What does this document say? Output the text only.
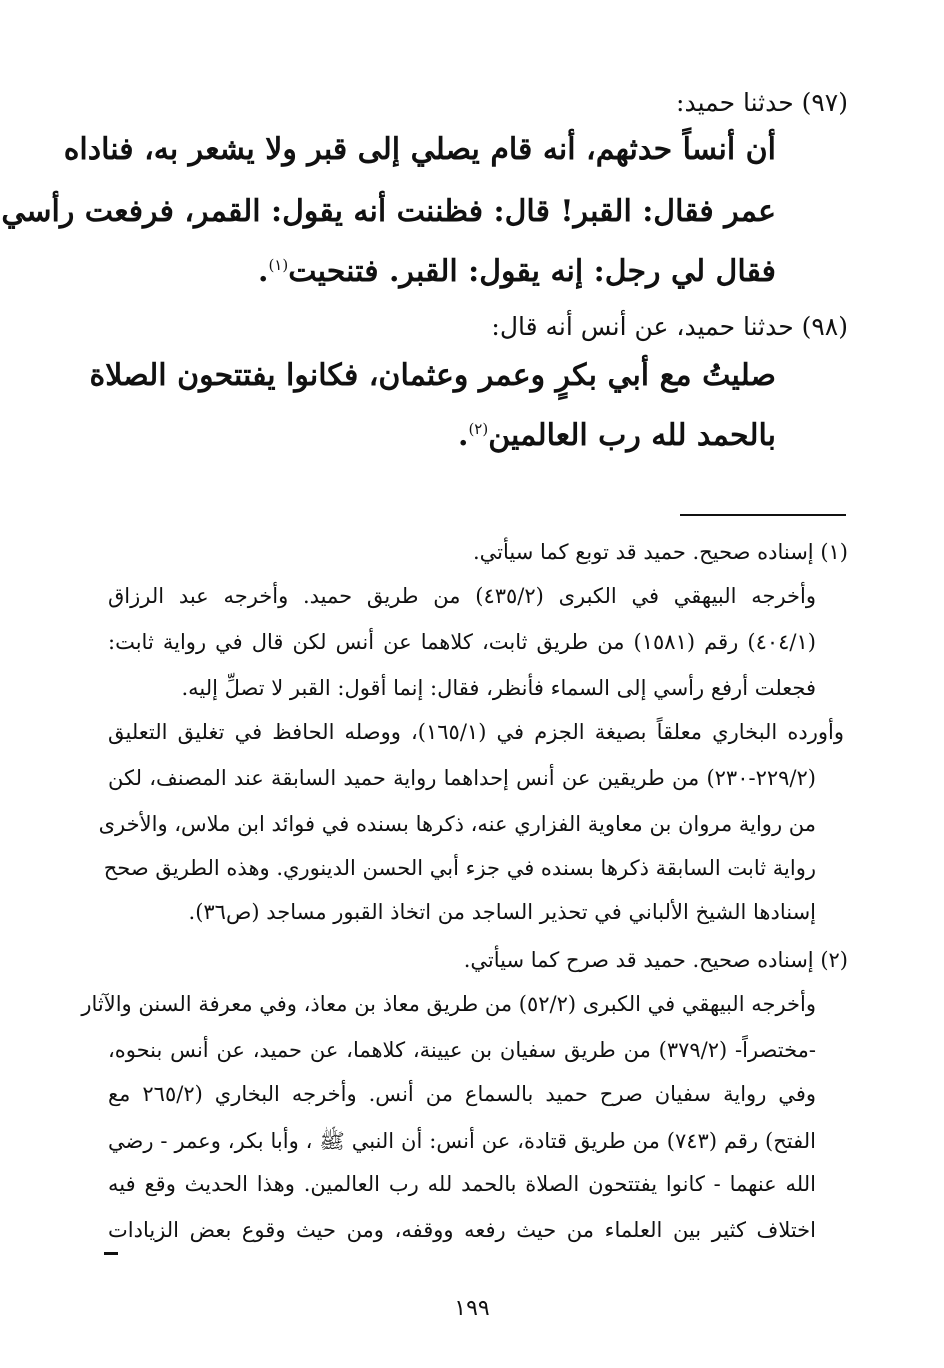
(٩٧) حدثنا حميد:
أن أنساً حدثهم، أنه قام يصلي إلى قبر ولا يشعر به، فناداه
عمر فقال: القبر! قال: فظننت أنه يقول: القمر، فرفعت رأسي
فقال لي رجل: إنه يقول: القبر. فتنحيت$^{(١)}$.
(٩٨) حدثنا حميد، عن أنس أنه قال:
صليتُ مع أبي بكرٍ وعمر وعثمان، فكانوا يفتتحون الصلاة
بالحمد لله رب العالمين$^{(٢)}$.
(١) إسناده صحيح. حميد قد توبع كما سيأتي.
وأخرجه البيهقي في الكبرى (٤٣٥/٢) من طريق حميد. وأخرجه عبد الرزاق
(٤٠٤/١) رقم (١٥٨١) من طريق ثابت، كلاهما عن أنس لكن قال في رواية ثابت:
فجعلت أرفع رأسي إلى السماء فأنظر، فقال: إنما أقول: القبر لا تصلِّ إليه.
وأورده البخاري معلقاً بصيغة الجزم في (١٦٥/١)، ووصله الحافظ في تغليق التعليق
(٢٢٩/٢-٢٣٠) من طريقين عن أنس إحداهما رواية حميد السابقة عند المصنف، لكن
من رواية مروان بن معاوية الفزاري عنه، ذكرها بسنده في فوائد ابن ملاس، والأخرى
رواية ثابت السابقة ذكرها بسنده في جزء أبي الحسن الدينوري. وهذه الطريق صحح
إسنادها الشيخ الألباني في تحذير الساجد من اتخاذ القبور مساجد (ص٣٦).
(٢) إسناده صحيح. حميد قد صرح كما سيأتي.
وأخرجه البيهقي في الكبرى (٥٢/٢) من طريق معاذ بن معاذ، وفي معرفة السنن والآثار
-مختصراً- (٣٧٩/٢) من طريق سفيان بن عيينة، كلاهما، عن حميد، عن أنس بنحوه،
وفي رواية سفيان صرح حميد بالسماع من أنس. وأخرجه البخاري (٢٦٥/٢ مع
الفتح) رقم (٧٤٣) من طريق قتادة، عن أنس: أن النبي ﷺ ، وأبا بكر، وعمر - رضي
الله عنهما - كانوا يفتتحون الصلاة بالحمد لله رب العالمين. وهذا الحديث وقع فيه
اختلاف كثير بين العلماء من حيث رفعه ووقفه، ومن حيث وقوع بعض الزيادات
١٩٩
